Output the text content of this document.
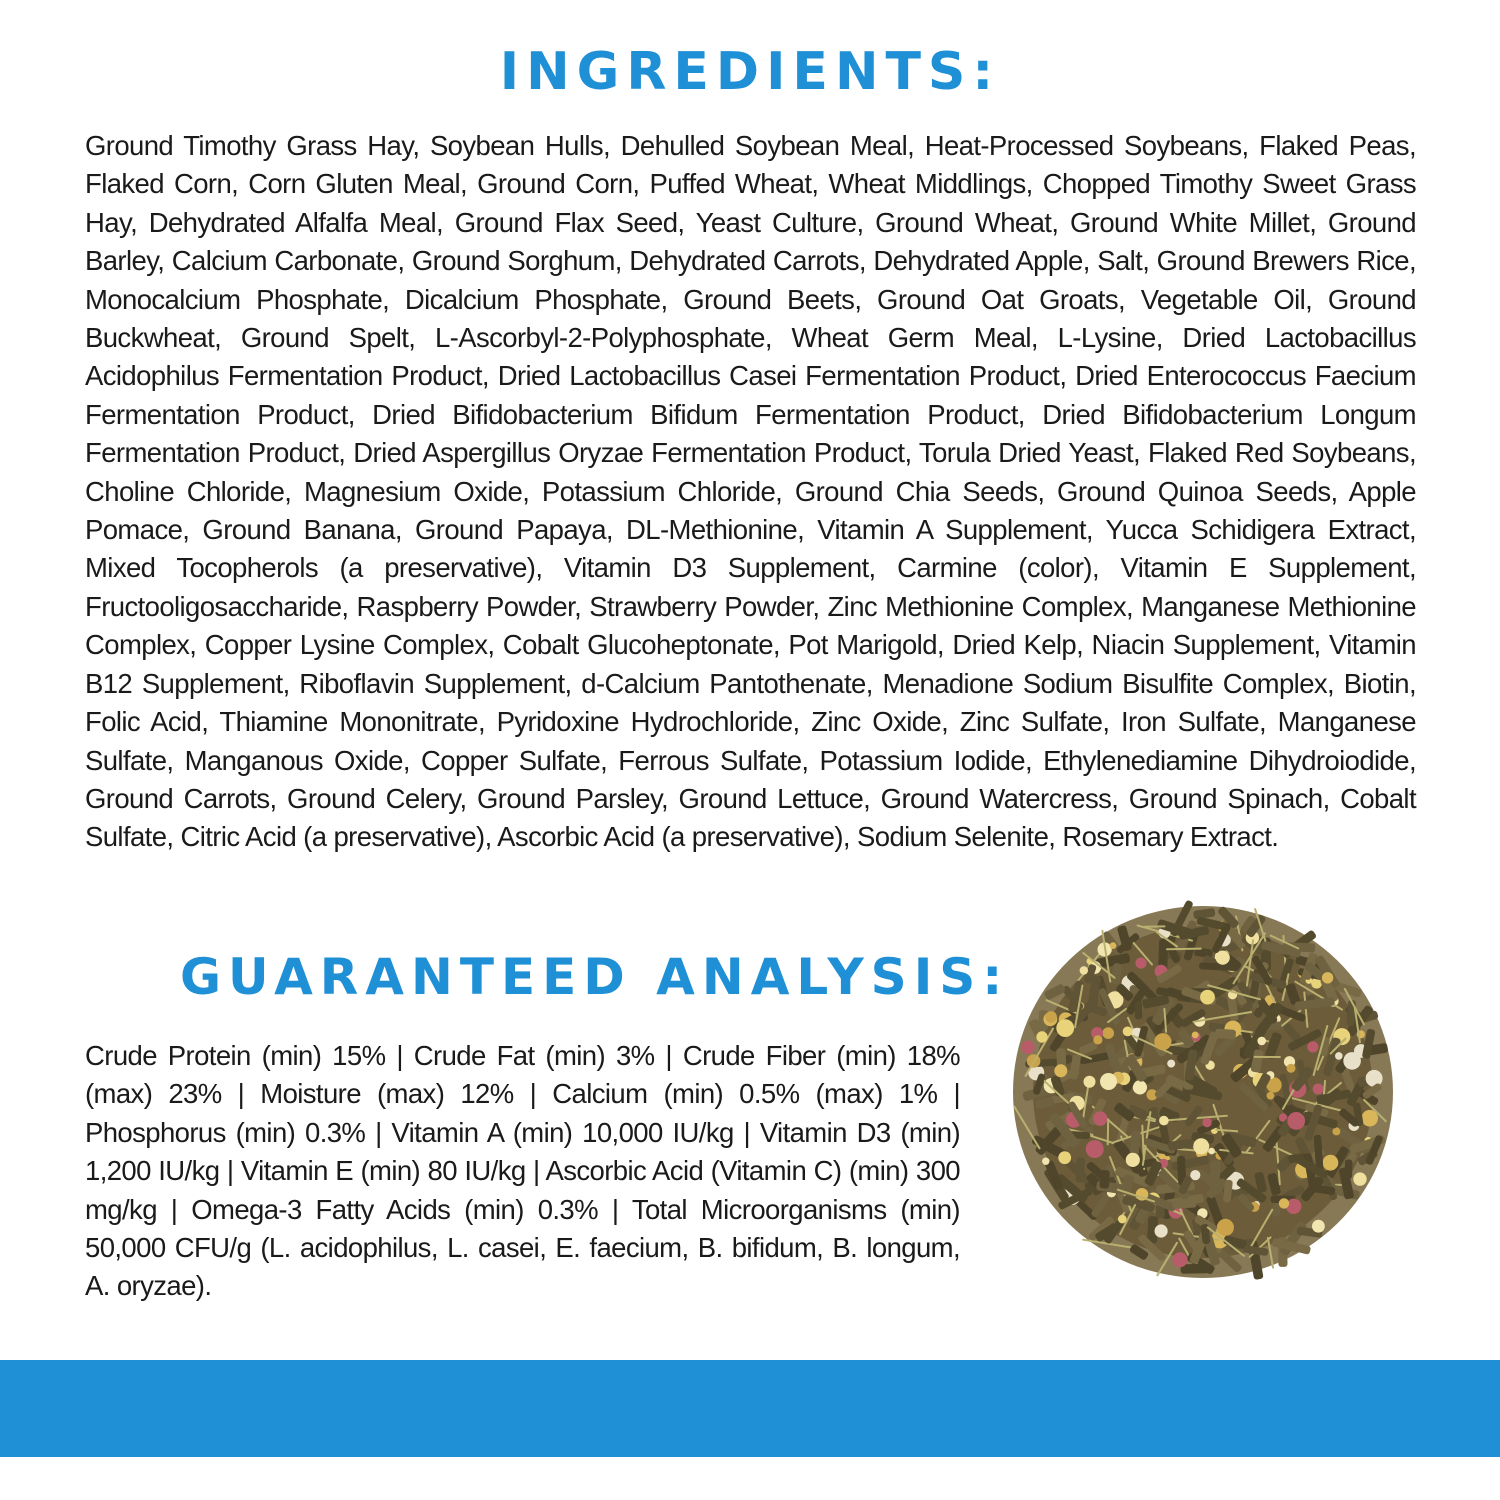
INGREDIENTS:

Ground Timothy Grass Hay, Soybean Hulls, Dehulled Soybean Meal, Heat-Processed Soybeans, Flaked Peas, Flaked Corn, Corn Gluten Meal, Ground Corn, Puffed Wheat, Wheat Middlings, Chopped Timothy Sweet Grass Hay, Dehydrated Alfalfa Meal, Ground Flax Seed, Yeast Culture, Ground Wheat, Ground White Millet, Ground Barley, Calcium Carbonate, Ground Sorghum, Dehydrated Carrots, Dehydrated Apple, Salt, Ground Brewers Rice, Monocalcium Phosphate, Dicalcium Phosphate, Ground Beets, Ground Oat Groats, Vegetable Oil, Ground Buckwheat, Ground Spelt, L-Ascorbyl-2-Polyphosphate, Wheat Germ Meal, L-Lysine, Dried Lactobacillus Acidophilus Fermentation Product, Dried Lactobacillus Casei Fermentation Product, Dried Enterococcus Faecium Fermentation Product, Dried Bifidobacterium Bifidum Fermentation Product, Dried Bifidobacterium Longum Fermentation Product, Dried Aspergillus Oryzae Fermentation Product, Torula Dried Yeast, Flaked Red Soybeans, Choline Chloride, Magnesium Oxide, Potassium Chloride, Ground Chia Seeds, Ground Quinoa Seeds, Apple Pomace, Ground Banana, Ground Papaya, DL-Methionine, Vitamin A Supplement, Yucca Schidigera Extract, Mixed Tocopherols (a preservative), Vitamin D3 Supplement, Carmine (color), Vitamin E Supplement, Fructooligosaccharide, Raspberry Powder, Strawberry Powder, Zinc Methionine Complex, Manganese Methionine Complex, Copper Lysine Complex, Cobalt Glucoheptonate, Pot Marigold, Dried Kelp, Niacin Supplement, Vitamin B12 Supplement, Riboflavin Supplement, d-Calcium Pantothenate, Menadione Sodium Bisulfite Complex, Biotin, Folic Acid, Thiamine Mononitrate, Pyridoxine Hydrochloride, Zinc Oxide, Zinc Sulfate, Iron Sulfate, Manganese Sulfate, Manganous Oxide, Copper Sulfate, Ferrous Sulfate, Potassium Iodide, Ethylenediamine Dihydroiodide, Ground Carrots, Ground Celery, Ground Parsley, Ground Lettuce, Ground Watercress, Ground Spinach, Cobalt Sulfate, Citric Acid (a preservative), Ascorbic Acid (a preservative), Sodium Selenite, Rosemary Extract.

GUARANTEED ANALYSIS:

Crude Protein (min) 15% | Crude Fat (min) 3% | Crude Fiber (min) 18% (max) 23% | Moisture (max) 12% | Calcium (min) 0.5% (max) 1% | Phosphorus (min) 0.3% | Vitamin A (min) 10,000 IU/kg | Vitamin D3 (min) 1,200 IU/kg | Vitamin E (min) 80 IU/kg | Ascorbic Acid (Vitamin C) (min) 300 mg/kg | Omega-3 Fatty Acids (min) 0.3% | Total Microorganisms (min) 50,000 CFU/g (L. acidophilus, L. casei, E. faecium, B. bifidum, B. longum, A. oryzae).
